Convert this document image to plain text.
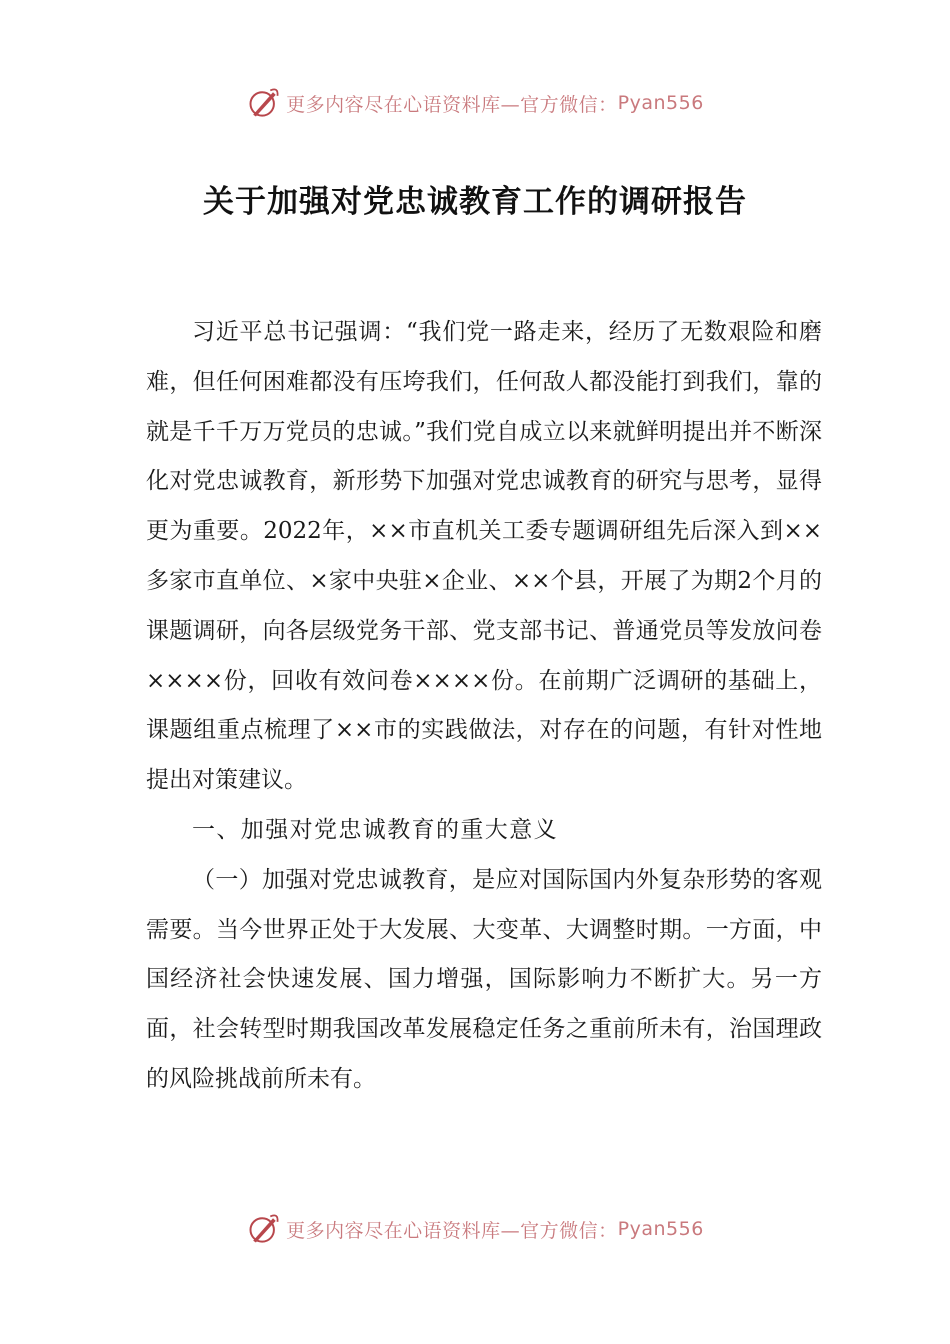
更多内容尽在心语资料库—官方微信： Pyan556
关于加强对党忠诚教育工作的调研报告

习近平总书记强调：“我们党一路走来，经历了无数艰险和磨难，但任何困难都没有压垮我们，任何敌人都没能打到我们，靠的就是千千万万党员的忠诚。”我们党自成立以来就鲜明提出并不断深化对党忠诚教育，新形势下加强对党忠诚教育的研究与思考，显得更为重要。2022年，××市直机关工委专题调研组先后深入到××多家市直单位、×家中央驻×企业、××个县，开展了为期2个月的课题调研，向各层级党务干部、党支部书记、普通党员等发放问卷××××份，回收有效问卷××××份。在前期广泛调研的基础上，课题组重点梳理了××市的实践做法，对存在的问题，有针对性地提出对策建议。

一、加强对党忠诚教育的重大意义

（一）加强对党忠诚教育，是应对国际国内外复杂形势的客观需要。当今世界正处于大发展、大变革、大调整时期。一方面，中国经济社会快速发展、国力增强，国际影响力不断扩大。另一方面，社会转型时期我国改革发展稳定任务之重前所未有，治国理政的风险挑战前所未有。

更多内容尽在心语资料库—官方微信： Pyan556
